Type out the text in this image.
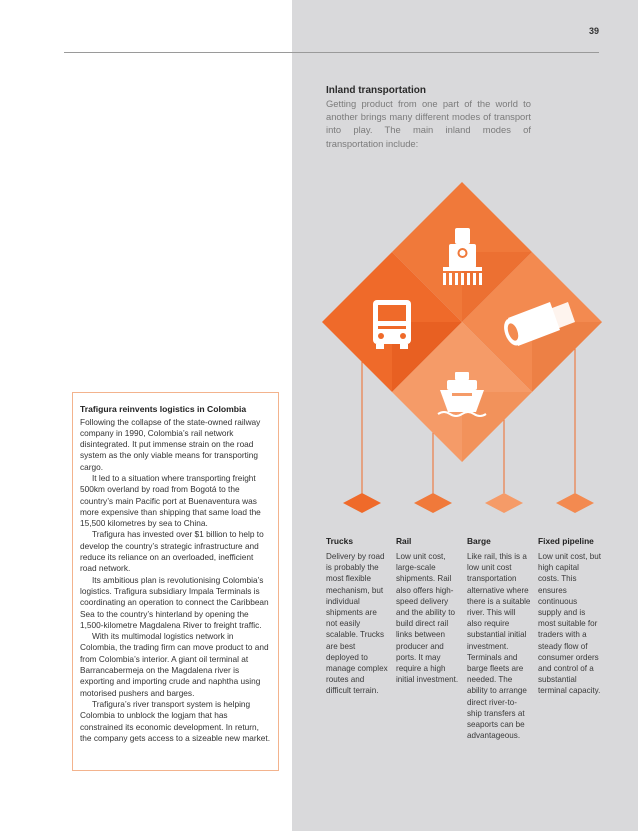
39

Inland transportation

Getting product from one part of the world to another brings many different modes of transport into play. The main inland modes of transportation include:

Trafigura reinvents logistics in Colombia

Following the collapse of the state-owned railway company in 1990, Colombia’s rail network disintegrated. It put immense strain on the road system as the only viable means for transporting cargo.

It led to a situation where transporting freight 500km overland by road from Bogotá to the country’s main Pacific port at Buenaventura was more expensive than shipping that same load the 15,500 kilometres by sea to China.

Trafigura has invested over $1 billion to help to develop the country’s strategic infrastructure and reduce its reliance on an overloaded, inefficient road network.

Its ambitious plan is revolutionising Colombia’s logistics. Trafigura subsidiary Impala Terminals is coordinating an operation to connect the Caribbean Sea to the country’s hinterland by opening the 1,500-kilometre Magdalena River to freight traffic.

With its multimodal logistics network in Colombia, the trading firm can move product to and from Colombia’s interior. A giant oil terminal at Barrancabermeja on the Magdalena river is exporting and importing crude and naphtha using motorised pushers and barges.

Trafigura’s river transport system is helping Colombia to unblock the logjam that has constrained its economic development. In return, the company gets access to a sizeable new market.

Trucks

Delivery by road is probably the most flexible mechanism, but individual shipments are not easily scalable. Trucks are best deployed to manage complex routes and difficult terrain.

Rail

Low unit cost, large-scale shipments. Rail also offers high-speed delivery and the ability to build direct rail links between producer and ports. It may require a high initial investment.

Barge

Like rail, this is a low unit cost transportation alternative where there is a suitable river. This will also require substantial initial investment. Terminals and barge fleets are needed. The ability to arrange direct river-to-ship transfers at seaports can be advantageous.

Fixed pipeline

Low unit cost, but high capital costs. This ensures continuous supply and is most suitable for traders with a steady flow of consumer orders and control of a substantial terminal capacity.
